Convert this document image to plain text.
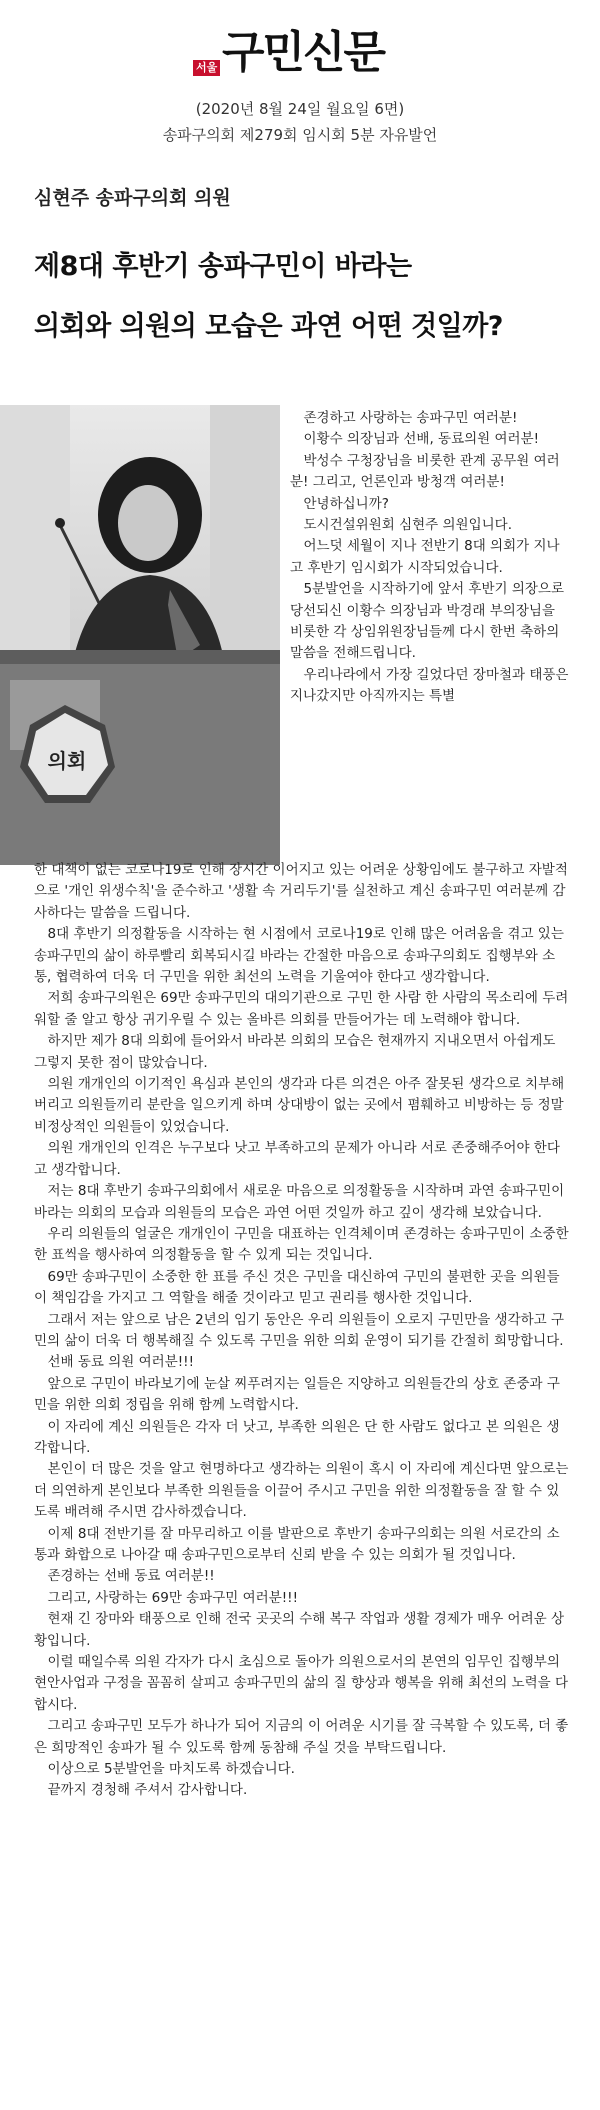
서울 구민신문
(2020년 8월 24일 월요일 6면)
송파구의회 제279회 임시회 5분 자유발언
심현주 송파구의회 의원
제8대 후반기 송파구민이 바라는
의회와 의원의 모습은 과연 어떤 것일까?
의회

존경하고 사랑하는 송파구민 여러분!

이황수 의장님과 선배, 동료의원 여러분!

박성수 구청장님을 비롯한 관계 공무원 여러분! 그리고, 언론인과 방청객 여러분!

안녕하십니까?

도시건설위원회 심현주 의원입니다.

어느덧 세월이 지나 전반기 8대 의회가 지나고 후반기 임시회가 시작되었습니다.

5분발언을 시작하기에 앞서 후반기 의장으로 당선되신 이황수 의장님과 박경래 부의장님을 비롯한 각 상임위원장님들께 다시 한번 축하의 말씀을 전해드립니다.

우리나라에서 가장 길었다던 장마철과 태풍은 지나갔지만 아직까지는 특별

한 대책이 없는 코로나19로 인해 장시간 이어지고 있는 어려운 상황임에도 불구하고 자발적으로 '개인 위생수칙'을 준수하고 '생활 속 거리두기'를 실천하고 계신 송파구민 여러분께 감사하다는 말씀을 드립니다.

8대 후반기 의정활동을 시작하는 현 시점에서 코로나19로 인해 많은 어려움을 겪고 있는 송파구민의 삶이 하루빨리 회복되시길 바라는 간절한 마음으로 송파구의회도 집행부와 소통, 협력하여 더욱 더 구민을 위한 최선의 노력을 기울여야 한다고 생각합니다.

저희 송파구의원은 69만 송파구민의 대의기관으로 구민 한 사람 한 사람의 목소리에 두려워할 줄 알고 항상 귀기우릴 수 있는 올바른 의회를 만들어가는 데 노력해야 합니다.

하지만 제가 8대 의회에 들어와서 바라본 의회의 모습은 현재까지 지내오면서 아쉽게도 그렇지 못한 점이 많았습니다.

의원 개개인의 이기적인 욕심과 본인의 생각과 다른 의견은 아주 잘못된 생각으로 치부해 버리고 의원들끼리 분란을 일으키게 하며 상대방이 없는 곳에서 폄훼하고 비방하는 등 정말 비정상적인 의원들이 있었습니다.

의원 개개인의 인격은 누구보다 낫고 부족하고의 문제가 아니라 서로 존중해주어야 한다고 생각합니다.

저는 8대 후반기 송파구의회에서 새로운 마음으로 의정활동을 시작하며 과연 송파구민이 바라는 의회의 모습과 의원들의 모습은 과연 어떤 것일까 하고 깊이 생각해 보았습니다.

우리 의원들의 얼굴은 개개인이 구민을 대표하는 인격체이며 존경하는 송파구민이 소중한 한 표씩을 행사하여 의정활동을 할 수 있게 되는 것입니다.

69만 송파구민이 소중한 한 표를 주신 것은 구민을 대신하여 구민의 불편한 곳을 의원들이 책임감을 가지고 그 역할을 해줄 것이라고 믿고 권리를 행사한 것입니다.

그래서 저는 앞으로 남은 2년의 임기 동안은 우리 의원들이 오로지 구민만을 생각하고 구민의 삶이 더욱 더 행복해질 수 있도록 구민을 위한 의회 운영이 되기를 간절히 희망합니다.

선배 동료 의원 여러분!!!

앞으로 구민이 바라보기에 눈살 찌푸려지는 일들은 지양하고 의원들간의 상호 존중과 구민을 위한 의회 정립을 위해 함께 노력합시다.

이 자리에 계신 의원들은 각자 더 낫고, 부족한 의원은 단 한 사람도 없다고 본 의원은 생각합니다.

본인이 더 많은 것을 알고 현명하다고 생각하는 의원이 혹시 이 자리에 계신다면 앞으로는 더 의연하게 본인보다 부족한 의원들을 이끌어 주시고 구민을 위한 의정활동을 잘 할 수 있도록 배려해 주시면 감사하겠습니다.

이제 8대 전반기를 잘 마무리하고 이를 발판으로 후반기 송파구의회는 의원 서로간의 소통과 화합으로 나아갈 때 송파구민으로부터 신뢰 받을 수 있는 의회가 될 것입니다.

존경하는 선배 동료 여러분!!

그리고, 사랑하는 69만 송파구민 여러분!!!

현재 긴 장마와 태풍으로 인해 전국 곳곳의 수해 복구 작업과 생활 경제가 매우 어려운 상황입니다.

이럴 때일수록 의원 각자가 다시 초심으로 돌아가 의원으로서의 본연의 임무인 집행부의 현안사업과 구정을 꼼꼼히 살피고 송파구민의 삶의 질 향상과 행복을 위해 최선의 노력을 다 합시다.

그리고 송파구민 모두가 하나가 되어 지금의 이 어려운 시기를 잘 극복할 수 있도록, 더 좋은 희망적인 송파가 될 수 있도록 함께 동참해 주실 것을 부탁드립니다.

이상으로 5분발언을 마치도록 하겠습니다.

끝까지 경청해 주셔서 감사합니다.
